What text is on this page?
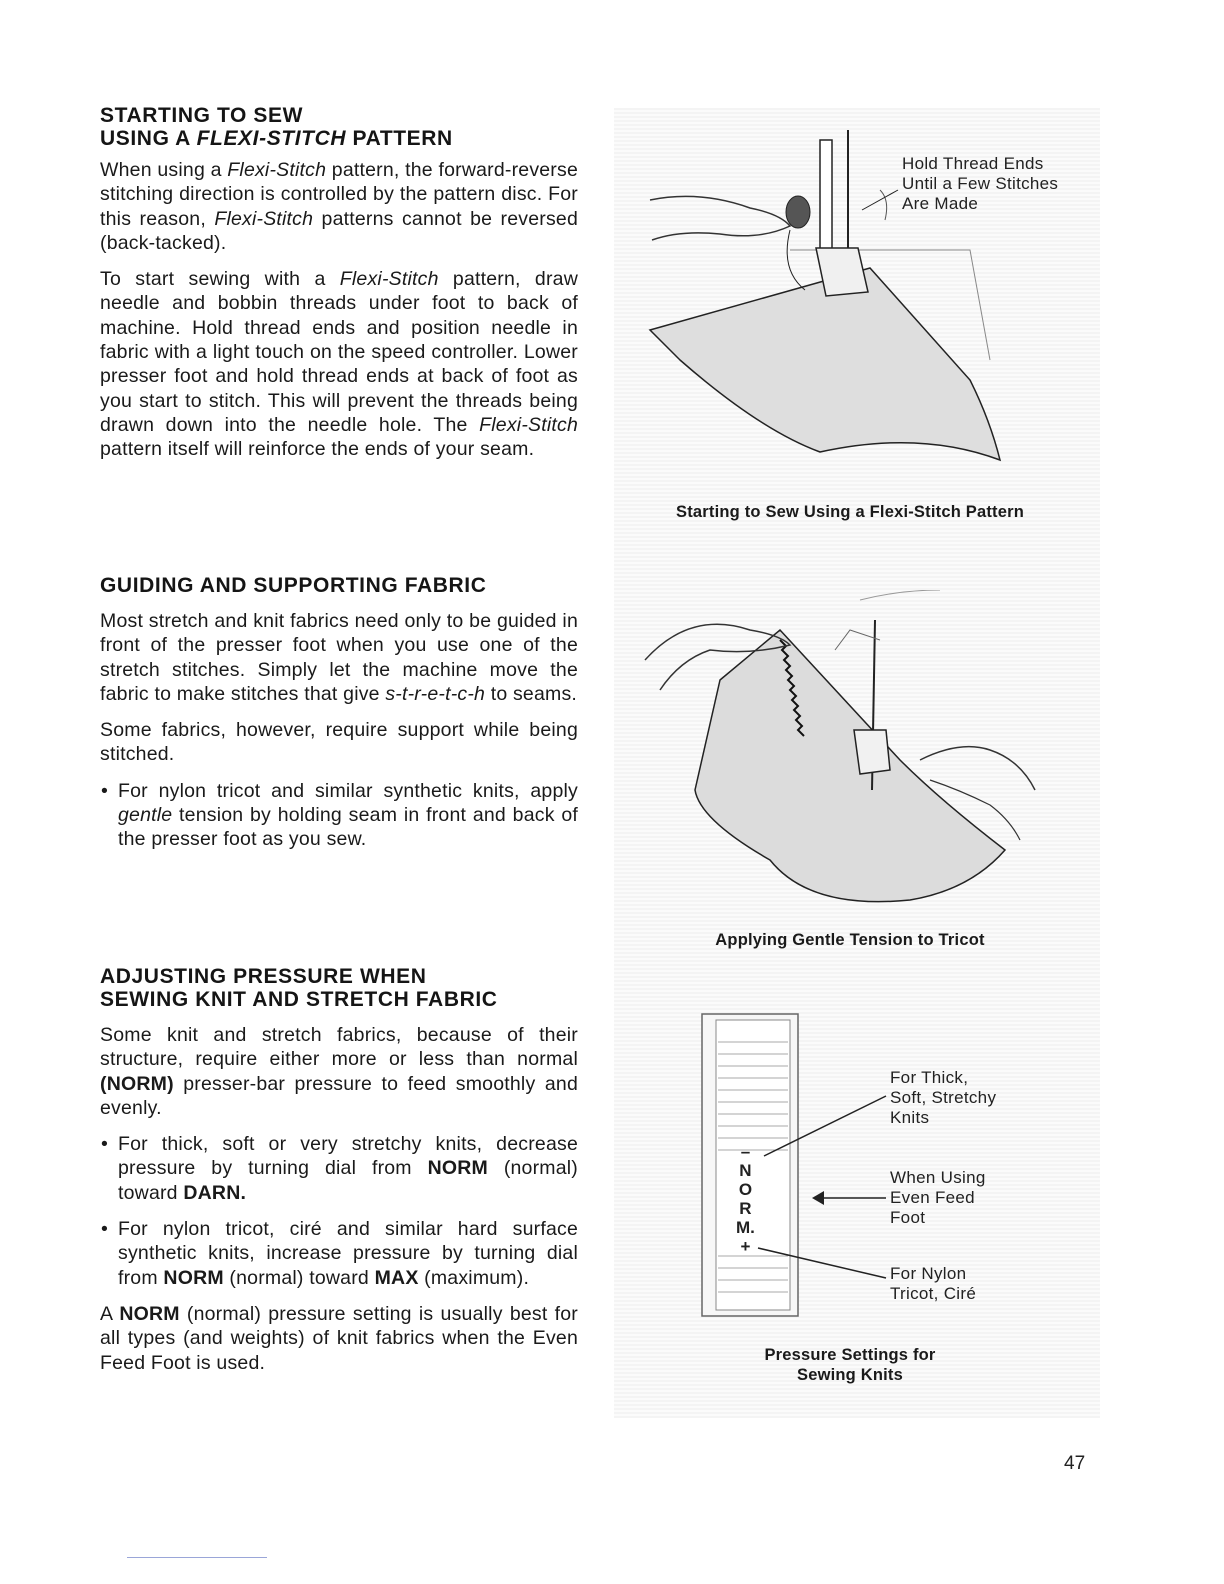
STARTING TO SEW
USING A FLEXI-STITCH PATTERN

When using a Flexi-Stitch pattern, the forward-reverse stitching direction is controlled by the pattern disc. For this reason, Flexi-Stitch patterns cannot be reversed (back-tacked).

To start sewing with a Flexi-Stitch pattern, draw needle and bobbin threads under foot to back of machine. Hold thread ends and position needle in fabric with a light touch on the speed controller. Lower presser foot and hold thread ends at back of foot as you start to stitch. This will prevent the threads being drawn down into the needle hole. The Flexi-Stitch pattern itself will reinforce the ends of your seam.

GUIDING AND SUPPORTING FABRIC

Most stretch and knit fabrics need only to be guided in front of the presser foot when you use one of the stretch stitches. Simply let the machine move the fabric to make stitches that give s-t-r-e-t-c-h to seams.

Some fabrics, however, require support while being stitched.

• For nylon tricot and similar synthetic knits, apply gentle tension by holding seam in front and back of the presser foot as you sew.
ADJUSTING PRESSURE WHEN
SEWING KNIT AND STRETCH FABRIC

Some knit and stretch fabrics, because of their structure, require either more or less than normal (NORM) presser-bar pressure to feed smoothly and evenly.

• For thick, soft or very stretchy knits, decrease pressure by turning dial from NORM (normal) toward DARN.
• For nylon tricot, ciré and similar hard surface synthetic knits, increase pressure by turning dial from NORM (normal) toward MAX (maximum).

A NORM (normal) pressure setting is usually best for all types (and weights) of knit fabrics when the Even Feed Foot is used.

Hold Thread Ends
Until a Few Stitches
Are Made
Starting to Sew Using a Flexi-Stitch Pattern
Applying Gentle Tension to Tricot
–
N
O
R
M.
+
For Thick,
Soft, Stretchy
Knits
When Using
Even Feed
Foot
For Nylon
Tricot, Ciré
Pressure Settings for
Sewing Knits
47
